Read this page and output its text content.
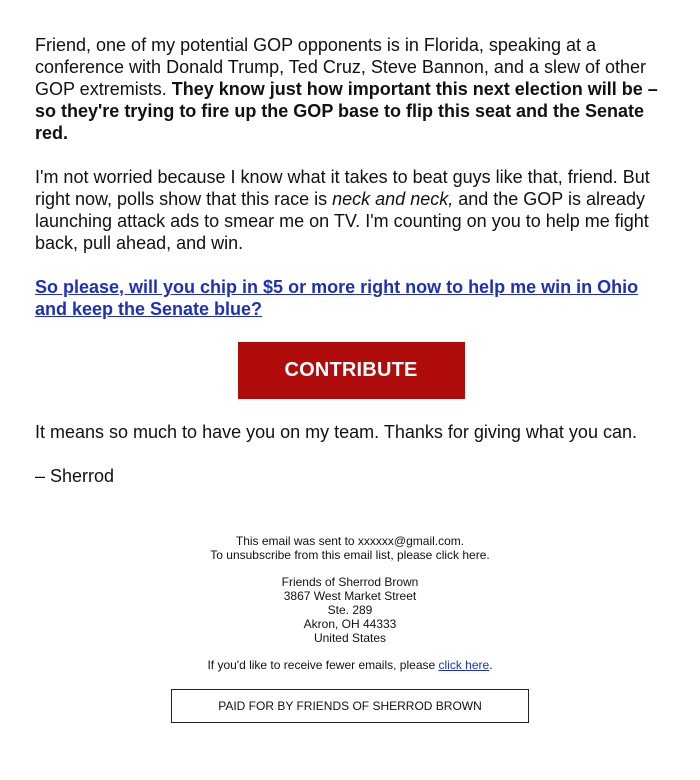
Friend, one of my potential GOP opponents is in Florida, speaking at a conference with Donald Trump, Ted Cruz, Steve Bannon, and a slew of other GOP extremists. They know just how important this next election will be – so they're trying to fire up the GOP base to flip this seat and the Senate red.

I'm not worried because I know what it takes to beat guys like that, friend. But right now, polls show that this race is neck and neck, and the GOP is already launching attack ads to smear me on TV. I'm counting on you to help me fight back, pull ahead, and win.

So please, will you chip in $5 or more right now to help me win in Ohio and keep the Senate blue?

CONTRIBUTE

It means so much to have you on my team. Thanks for giving what you can.

– Sherrod

This email was sent to xxxxxx@gmail.com.
To unsubscribe from this email list, please click here.
Friends of Sherrod Brown
3867 West Market Street
Ste. 289
Akron, OH 44333
United States
If you'd like to receive fewer emails, please click here.
PAID FOR BY FRIENDS OF SHERROD BROWN
